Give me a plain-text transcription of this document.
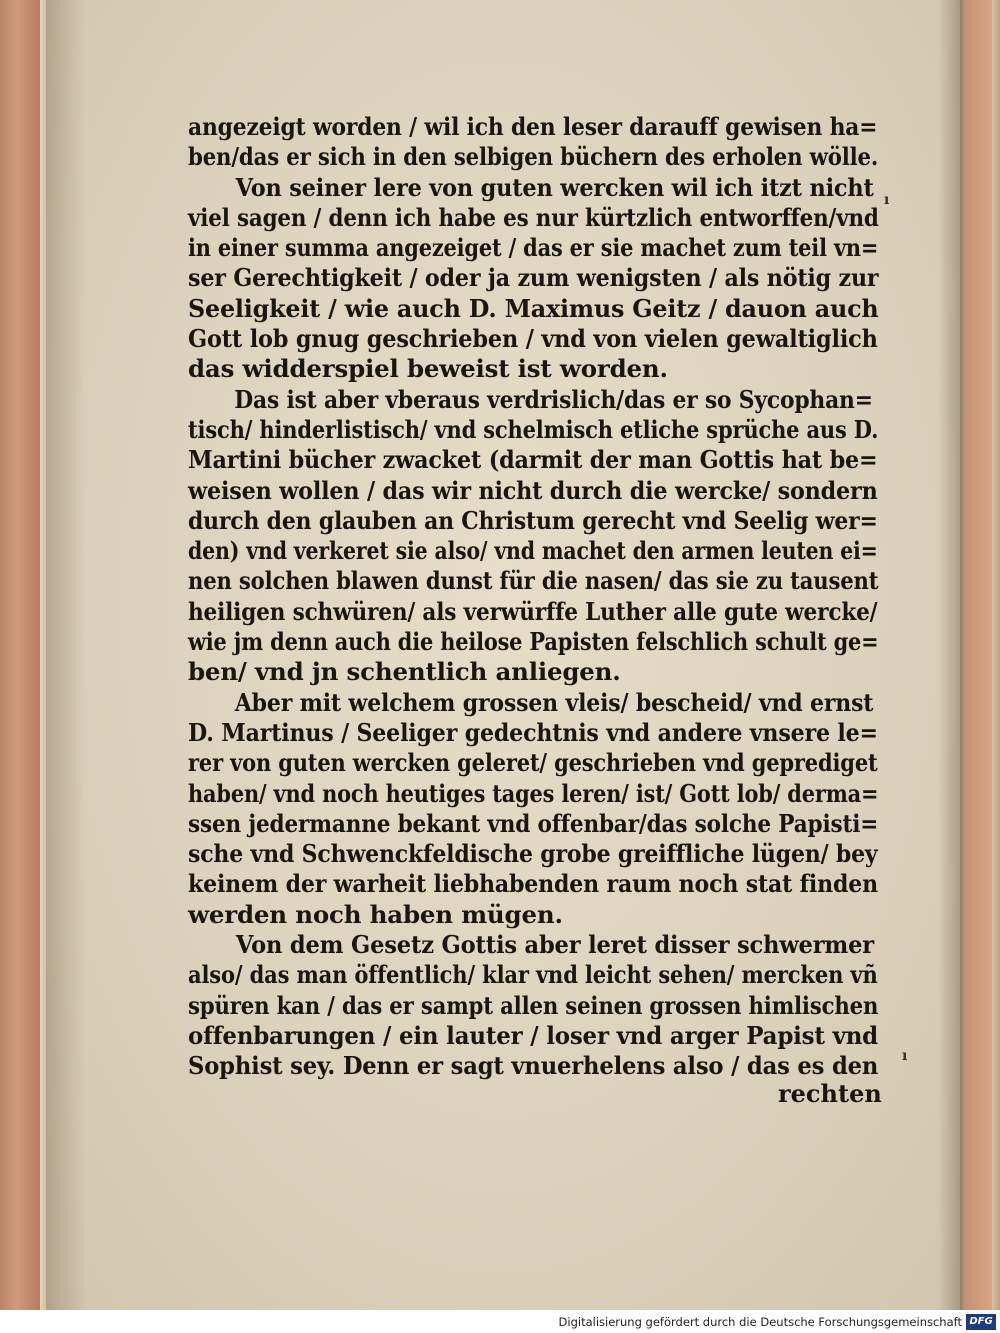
ı
ı
angezeigt worden / wil ich den leser darauff gewisen ha=
ben/das er sich in den selbigen büchern des erholen wölle.
Von seiner lere von guten wercken wil ich itzt nicht
viel sagen / denn ich habe es nur kürtzlich entworffen/vnd
in einer summa angezeiget / das er sie machet zum teil vn=
ser Gerechtigkeit / oder ja zum wenigsten / als nötig zur
Seeligkeit / wie auch D. Maximus Geitz / dauon auch
Gott lob gnug geschrieben / vnd von vielen gewaltiglich
das widderspiel beweist ist worden.
Das ist aber vberaus verdrislich/das er so Sycophan=
tisch/ hinderlistisch/ vnd schelmisch etliche sprüche aus D.
Martini bücher zwacket (darmit der man Gottis hat be=
weisen wollen / das wir nicht durch die wercke/ sondern
durch den glauben an Christum gerecht vnd Seelig wer=
den) vnd verkeret sie also/ vnd machet den armen leuten ei=
nen solchen blawen dunst für die nasen/ das sie zu tausent
heiligen schwüren/ als verwürffe Luther alle gute wercke/
wie jm denn auch die heilose Papisten felschlich schult ge=
ben/ vnd jn schentlich anliegen.
Aber mit welchem grossen vleis/ bescheid/ vnd ernst
D. Martinus / Seeliger gedechtnis vnd andere vnsere le=
rer von guten wercken geleret/ geschrieben vnd geprediget
haben/ vnd noch heutiges tages leren/ ist/ Gott lob/ derma=
ssen jedermanne bekant vnd offenbar/das solche Papisti=
sche vnd Schwenckfeldische grobe greiffliche lügen/ bey
keinem der warheit liebhabenden raum noch stat finden
werden noch haben mügen.
Von dem Gesetz Gottis aber leret disser schwermer
also/ das man öffentlich/ klar vnd leicht sehen/ mercken vñ
spüren kan / das er sampt allen seinen grossen himlischen
offenbarungen / ein lauter / loser vnd arger Papist vnd
Sophist sey. Denn er sagt vnuerhelens also / das es den
rechten
Digitalisierung gefördert durch die Deutsche Forschungsgemeinschaft DFG
